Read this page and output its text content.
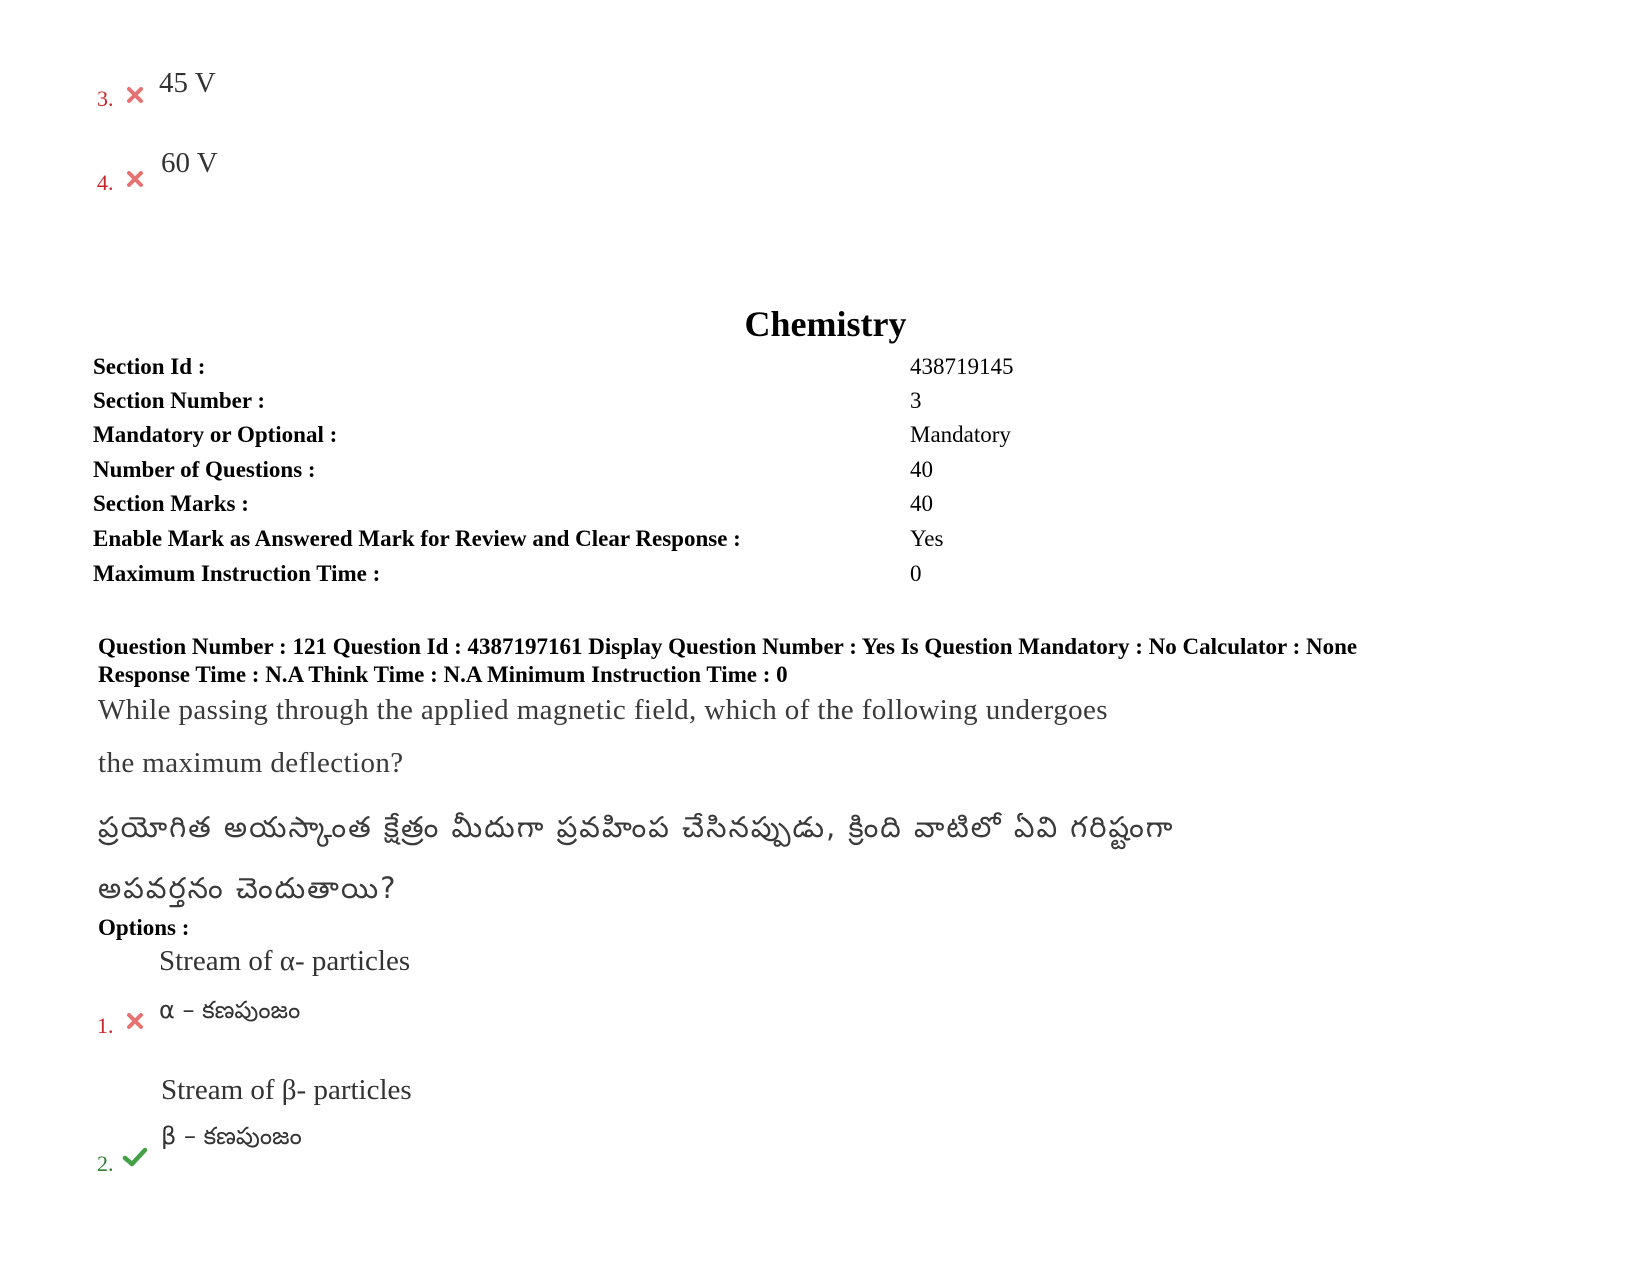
3. 45 V
4.
60 V
Chemistry
Section Id :	438719145
Section Number :	3
Mandatory or Optional :	Mandatory
Number of Questions :	40
Section Marks :	40
Enable Mark as Answered Mark for Review and Clear Response :	Yes
Maximum Instruction Time :	0
Question Number : 121 Question Id : 4387197161 Display Question Number : Yes Is Question Mandatory : No Calculator : None
Response Time : N.A Think Time : N.A Minimum Instruction Time : 0
While passing through the applied magnetic field, which of the following undergoes
the maximum deflection?
ప్రయోగిత అయస్కాంత క్షేత్రం మీదుగా ప్రవహింప చేసినప్పుడు, క్రింది వాటిలో ఏవి గరిష్టంగా
అపవర్తనం చెందుతాయి?
Options :
Stream of α- particles
α – కణపుంజం
1.
Stream of β- particles
β – కణపుంజం
2.
